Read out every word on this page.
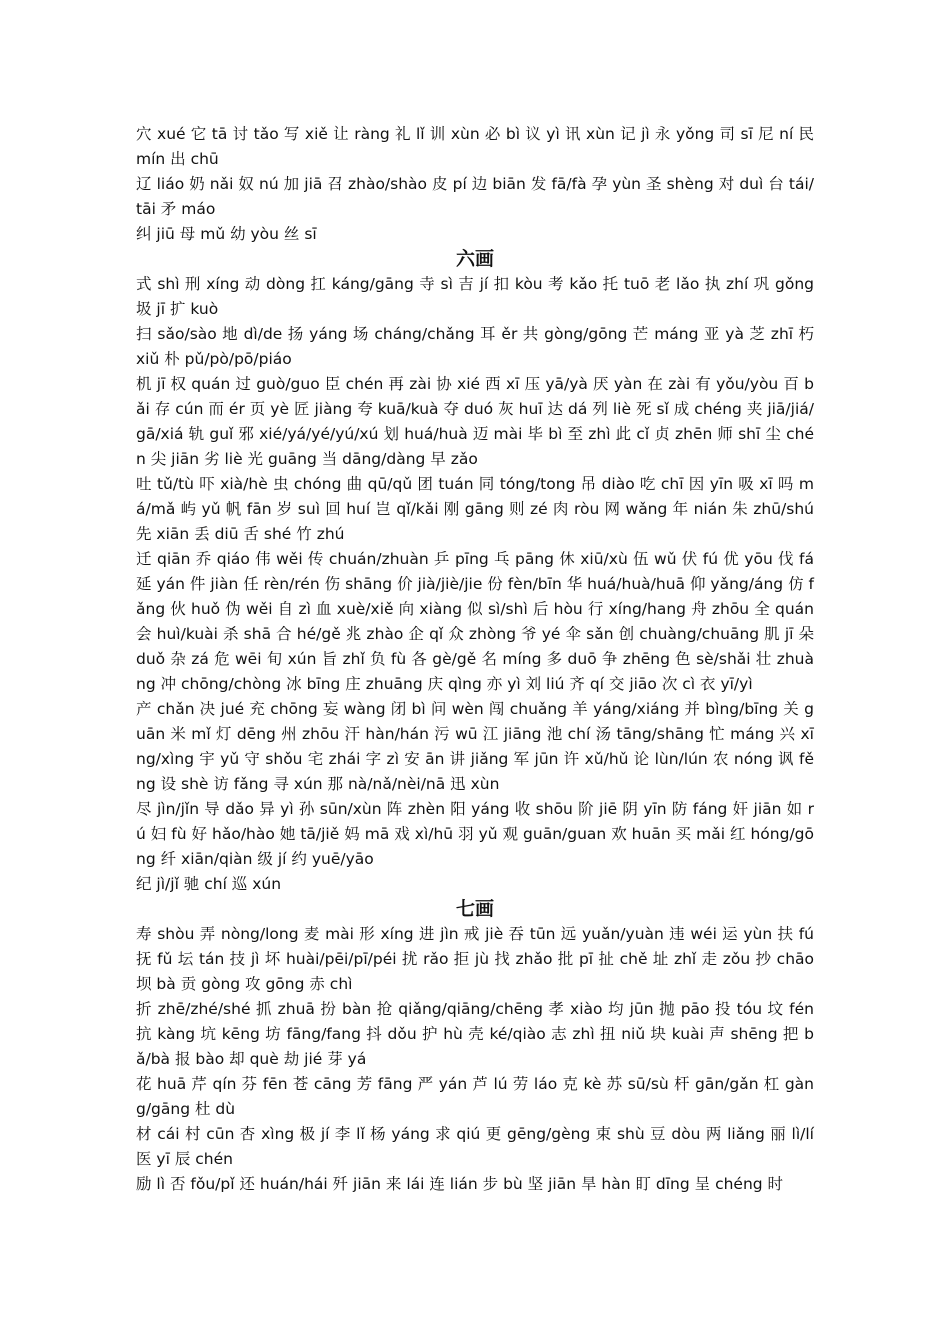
穴 xué 它 tā 讨 tǎo 写 xiě 让 ràng 礼 lǐ 训 xùn 必 bì 议 yì 讯 xùn 记 jì 永 yǒng 司 sī 尼 ní 民 mín 出 chū

辽 liáo 奶 nǎi 奴 nú 加 jiā 召 zhào/shào 皮 pí 边 biān 发 fā/fà 孕 yùn 圣 shèng 对 duì 台 tái/tāi 矛 máo

纠 jiū 母 mǔ 幼 yòu 丝 sī

六画

式 shì 刑 xíng 动 dòng 扛 káng/gāng 寺 sì 吉 jí 扣 kòu 考 kǎo 托 tuō 老 lǎo 执 zhí 巩 gǒng 圾 jī 扩 kuò

扫 sǎo/sào 地 dì/de 扬 yáng 场 cháng/chǎng 耳 ěr 共 gòng/gōng 芒 máng 亚 yà 芝 zhī 朽 xiǔ 朴 pǔ/pò/pō/piáo

机 jī 权 quán 过 guò/guo 臣 chén 再 zài 协 xié 西 xī 压 yā/yà 厌 yàn 在 zài 有 yǒu/yòu 百 bǎi 存 cún 而 ér 页 yè 匠 jiàng 夸 kuā/kuà 夺 duó 灰 huī 达 dá 列 liè 死 sǐ 成 chéng 夹 jiā/jiá/gā/xiá 轨 guǐ 邪 xié/yá/yé/yú/xú 划 huá/huà 迈 mài 毕 bì 至 zhì 此 cǐ 贞 zhēn 师 shī 尘 chén 尖 jiān 劣 liè 光 guāng 当 dāng/dàng 早 zǎo

吐 tǔ/tù 吓 xià/hè 虫 chóng 曲 qū/qǔ 团 tuán 同 tóng/tong 吊 diào 吃 chī 因 yīn 吸 xī 吗 má/mǎ 屿 yǔ 帆 fān 岁 suì 回 huí 岂 qǐ/kǎi 刚 gāng 则 zé 肉 ròu 网 wǎng 年 nián 朱 zhū/shú 先 xiān 丢 diū 舌 shé 竹 zhú

迁 qiān 乔 qiáo 伟 wěi 传 chuán/zhuàn 乒 pīng 乓 pāng 休 xiū/xù 伍 wǔ 伏 fú 优 yōu 伐 fá 延 yán 件 jiàn 任 rèn/rén 伤 shāng 价 jià/jiè/jie 份 fèn/bīn 华 huá/huà/huā 仰 yǎng/áng 仿 fǎng 伙 huǒ 伪 wěi 自 zì 血 xuè/xiě 向 xiàng 似 sì/shì 后 hòu 行 xíng/hang 舟 zhōu 全 quán 会 huì/kuài 杀 shā 合 hé/gě 兆 zhào 企 qǐ 众 zhòng 爷 yé 伞 sǎn 创 chuàng/chuāng 肌 jī 朵 duǒ 杂 zá 危 wēi 旬 xún 旨 zhǐ 负 fù 各 gè/gě 名 míng 多 duō 争 zhēng 色 sè/shǎi 壮 zhuàng 冲 chōng/chòng 冰 bīng 庄 zhuāng 庆 qìng 亦 yì 刘 liú 齐 qí 交 jiāo 次 cì 衣 yī/yì

产 chǎn 决 jué 充 chōng 妄 wàng 闭 bì 问 wèn 闯 chuǎng 羊 yáng/xiáng 并 bìng/bīng 关 guān 米 mǐ 灯 dēng 州 zhōu 汗 hàn/hán 污 wū 江 jiāng 池 chí 汤 tāng/shāng 忙 máng 兴 xīng/xìng 宇 yǔ 守 shǒu 宅 zhái 字 zì 安 ān 讲 jiǎng 军 jūn 许 xǔ/hǔ 论 lùn/lún 农 nóng 讽 fěng 设 shè 访 fǎng 寻 xún 那 nà/nǎ/nèi/nā 迅 xùn

尽 jìn/jǐn 导 dǎo 异 yì 孙 sūn/xùn 阵 zhèn 阳 yáng 收 shōu 阶 jiē 阴 yīn 防 fáng 奸 jiān 如 rú 妇 fù 好 hǎo/hào 她 tā/jiě 妈 mā 戏 xì/hū 羽 yǔ 观 guān/guan 欢 huān 买 mǎi 红 hóng/gōng 纤 xiān/qiàn 级 jí 约 yuē/yāo

纪 jì/jǐ 驰 chí 巡 xún

七画

寿 shòu 弄 nòng/long 麦 mài 形 xíng 进 jìn 戒 jiè 吞 tūn 远 yuǎn/yuàn 违 wéi 运 yùn 扶 fú 抚 fǔ 坛 tán 技 jì 坏 huài/pēi/pī/péi 扰 rǎo 拒 jù 找 zhǎo 批 pī 扯 chě 址 zhǐ 走 zǒu 抄 chāo 坝 bà 贡 gòng 攻 gōng 赤 chì

折 zhē/zhé/shé 抓 zhuā 扮 bàn 抢 qiǎng/qiāng/chēng 孝 xiào 均 jūn 抛 pāo 投 tóu 坟 fén 抗 kàng 坑 kēng 坊 fāng/fang 抖 dǒu 护 hù 壳 ké/qiào 志 zhì 扭 niǔ 块 kuài 声 shēng 把 bǎ/bà 报 bào 却 què 劫 jié 芽 yá

花 huā 芹 qín 芬 fēn 苍 cāng 芳 fāng 严 yán 芦 lú 劳 láo 克 kè 苏 sū/sù 杆 gān/gǎn 杠 gàng/gāng 杜 dù

材 cái 村 cūn 杏 xìng 极 jí 李 lǐ 杨 yáng 求 qiú 更 gēng/gèng 束 shù 豆 dòu 两 liǎng 丽 lì/lí 医 yī 辰 chén

励 lì 否 fǒu/pǐ 还 huán/hái 歼 jiān 来 lái 连 lián 步 bù 坚 jiān 旱 hàn 盯 dīng 呈 chéng 时
